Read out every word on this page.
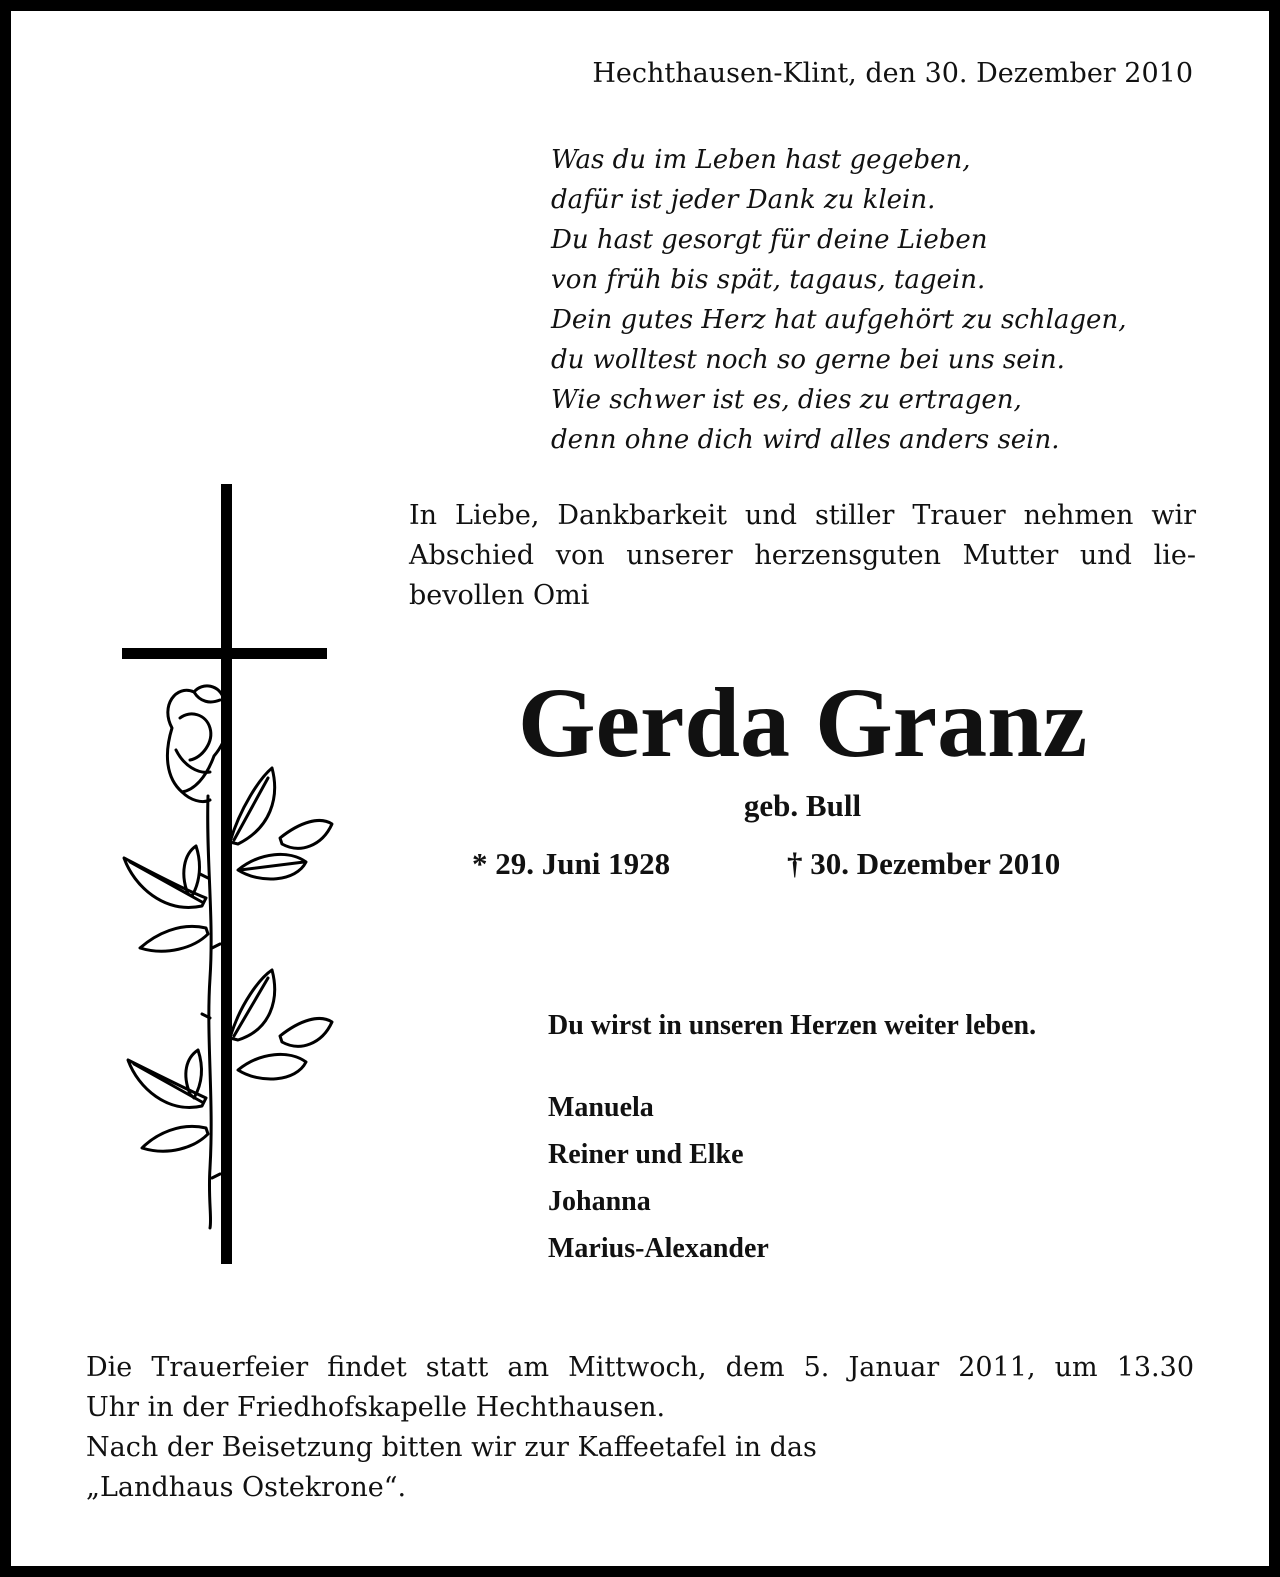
Hechthausen-Klint, den 30. Dezember 2010
Was du im Leben hast gegeben,
dafür ist jeder Dank zu klein.
Du hast gesorgt für deine Lieben
von früh bis spät, tagaus, tagein.
Dein gutes Herz hat aufgehört zu schlagen,
du wolltest noch so gerne bei uns sein.
Wie schwer ist es, dies zu ertragen,
denn ohne dich wird alles anders sein.
In Liebe, Dankbarkeit und stiller Trauer nehmen wir
Abschied von unserer herzensguten Mutter und lie-
bevollen Omi
Gerda Granz
geb. Bull
* 29. Juni 1928	† 30. Dezember 2010
Du wirst in unseren Herzen weiter leben.
Manuela
Reiner und Elke
Johanna
Marius-Alexander
Die Trauerfeier findet statt am Mittwoch, dem 5. Januar 2011, um 13.30
Uhr in der Friedhofskapelle Hechthausen.
Nach der Beisetzung bitten wir zur Kaffeetafel in das
„Landhaus Ostekrone“.
